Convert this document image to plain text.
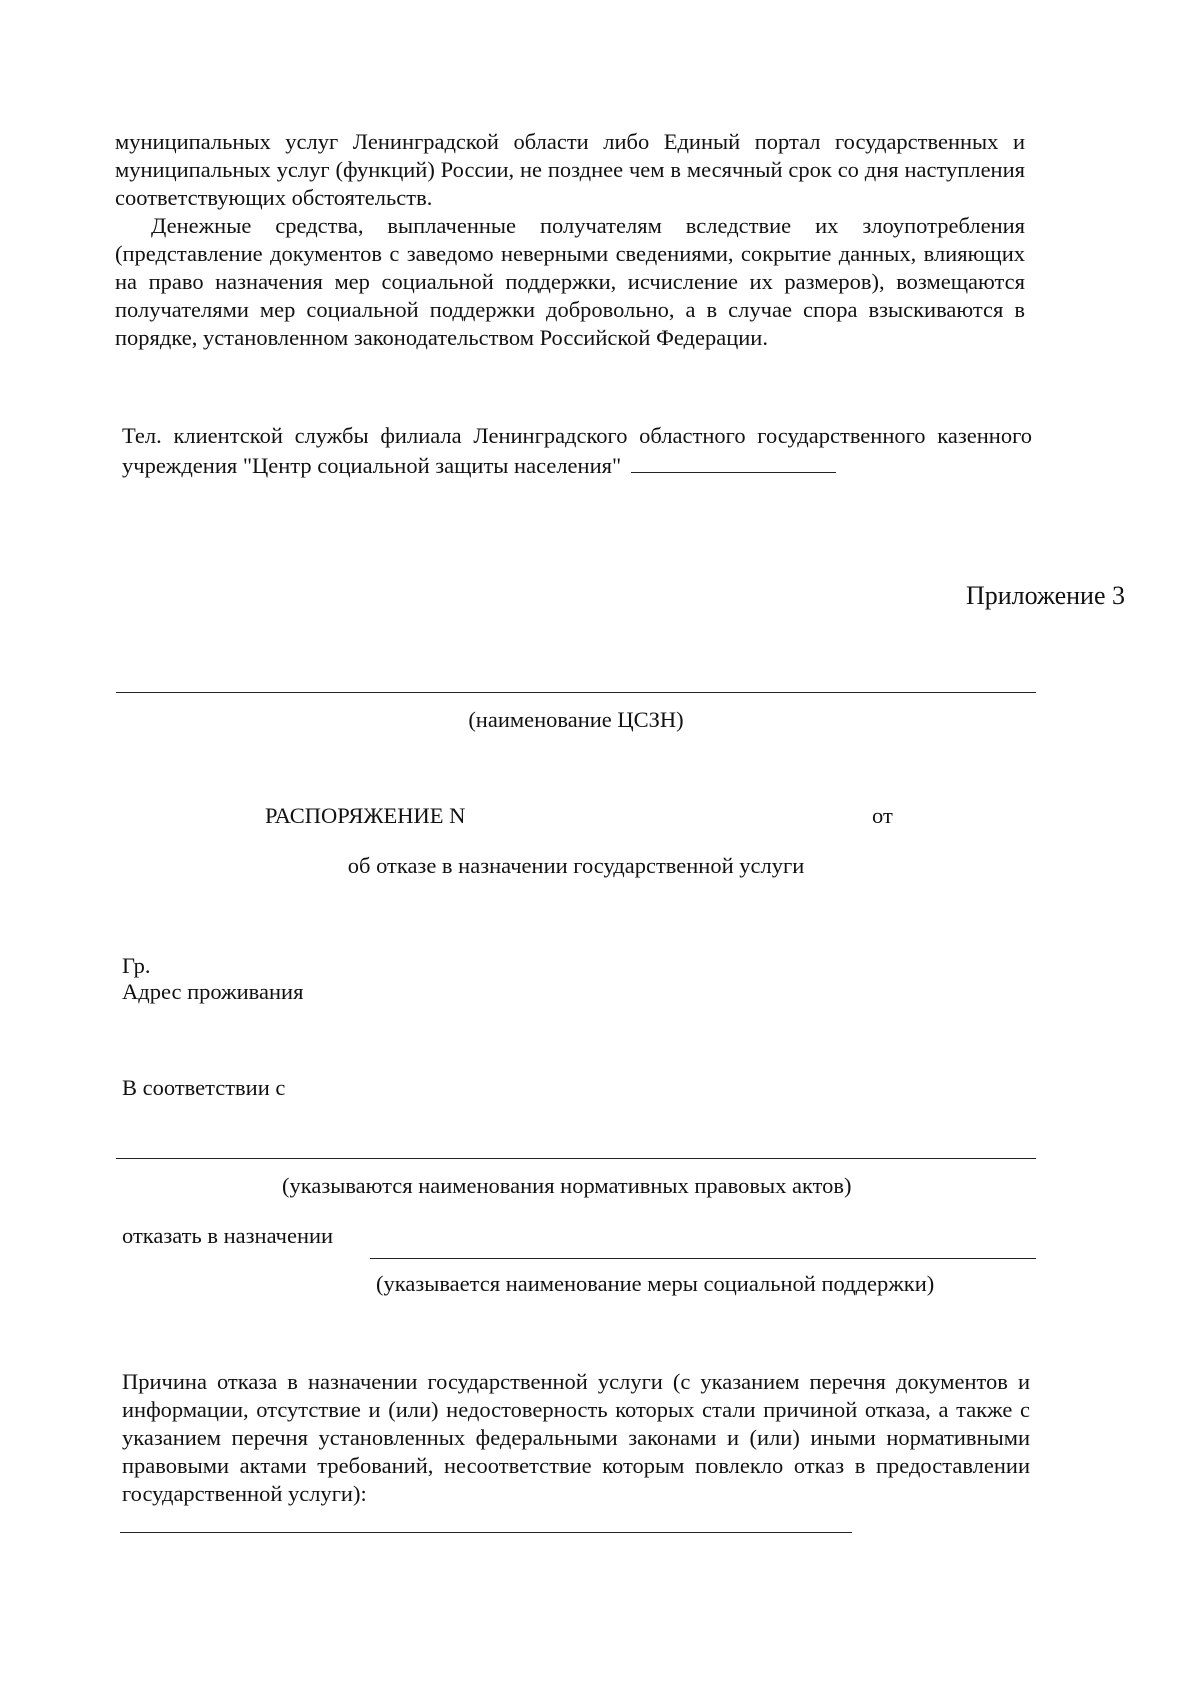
муниципальных услуг Ленинградской области либо Единый портал государственных и муниципальных услуг (функций) России, не позднее чем в месячный срок со дня наступления соответствующих обстоятельств.

Денежные средства, выплаченные получателям вследствие их злоупотребления (представление документов с заведомо неверными сведениями, сокрытие данных, влияющих на право назначения мер социальной поддержки, исчисление их размеров), возмещаются получателями мер социальной поддержки добровольно, а в случае спора взыскиваются в порядке, установленном законодательством Российской Федерации.

Тел. клиентской службы филиала Ленинградского областного государственного казенного учреждения "Центр социальной защиты населения"

Приложение 3
(наименование ЦСЗН)
РАСПОРЯЖЕНИЕ N	от
об отказе в назначении государственной услуги
Гр.
Адрес проживания
В соответствии с
(указываются наименования нормативных правовых актов)
отказать в назначении
(указывается наименование меры социальной поддержки)

Причина отказа в назначении государственной услуги (с указанием перечня документов и информации, отсутствие и (или) недостоверность которых стали причиной отказа, а также с указанием перечня установленных федеральными законами и (или) иными нормативными правовыми актами требований, несоответствие которым повлекло отказ в предоставлении государственной услуги):
